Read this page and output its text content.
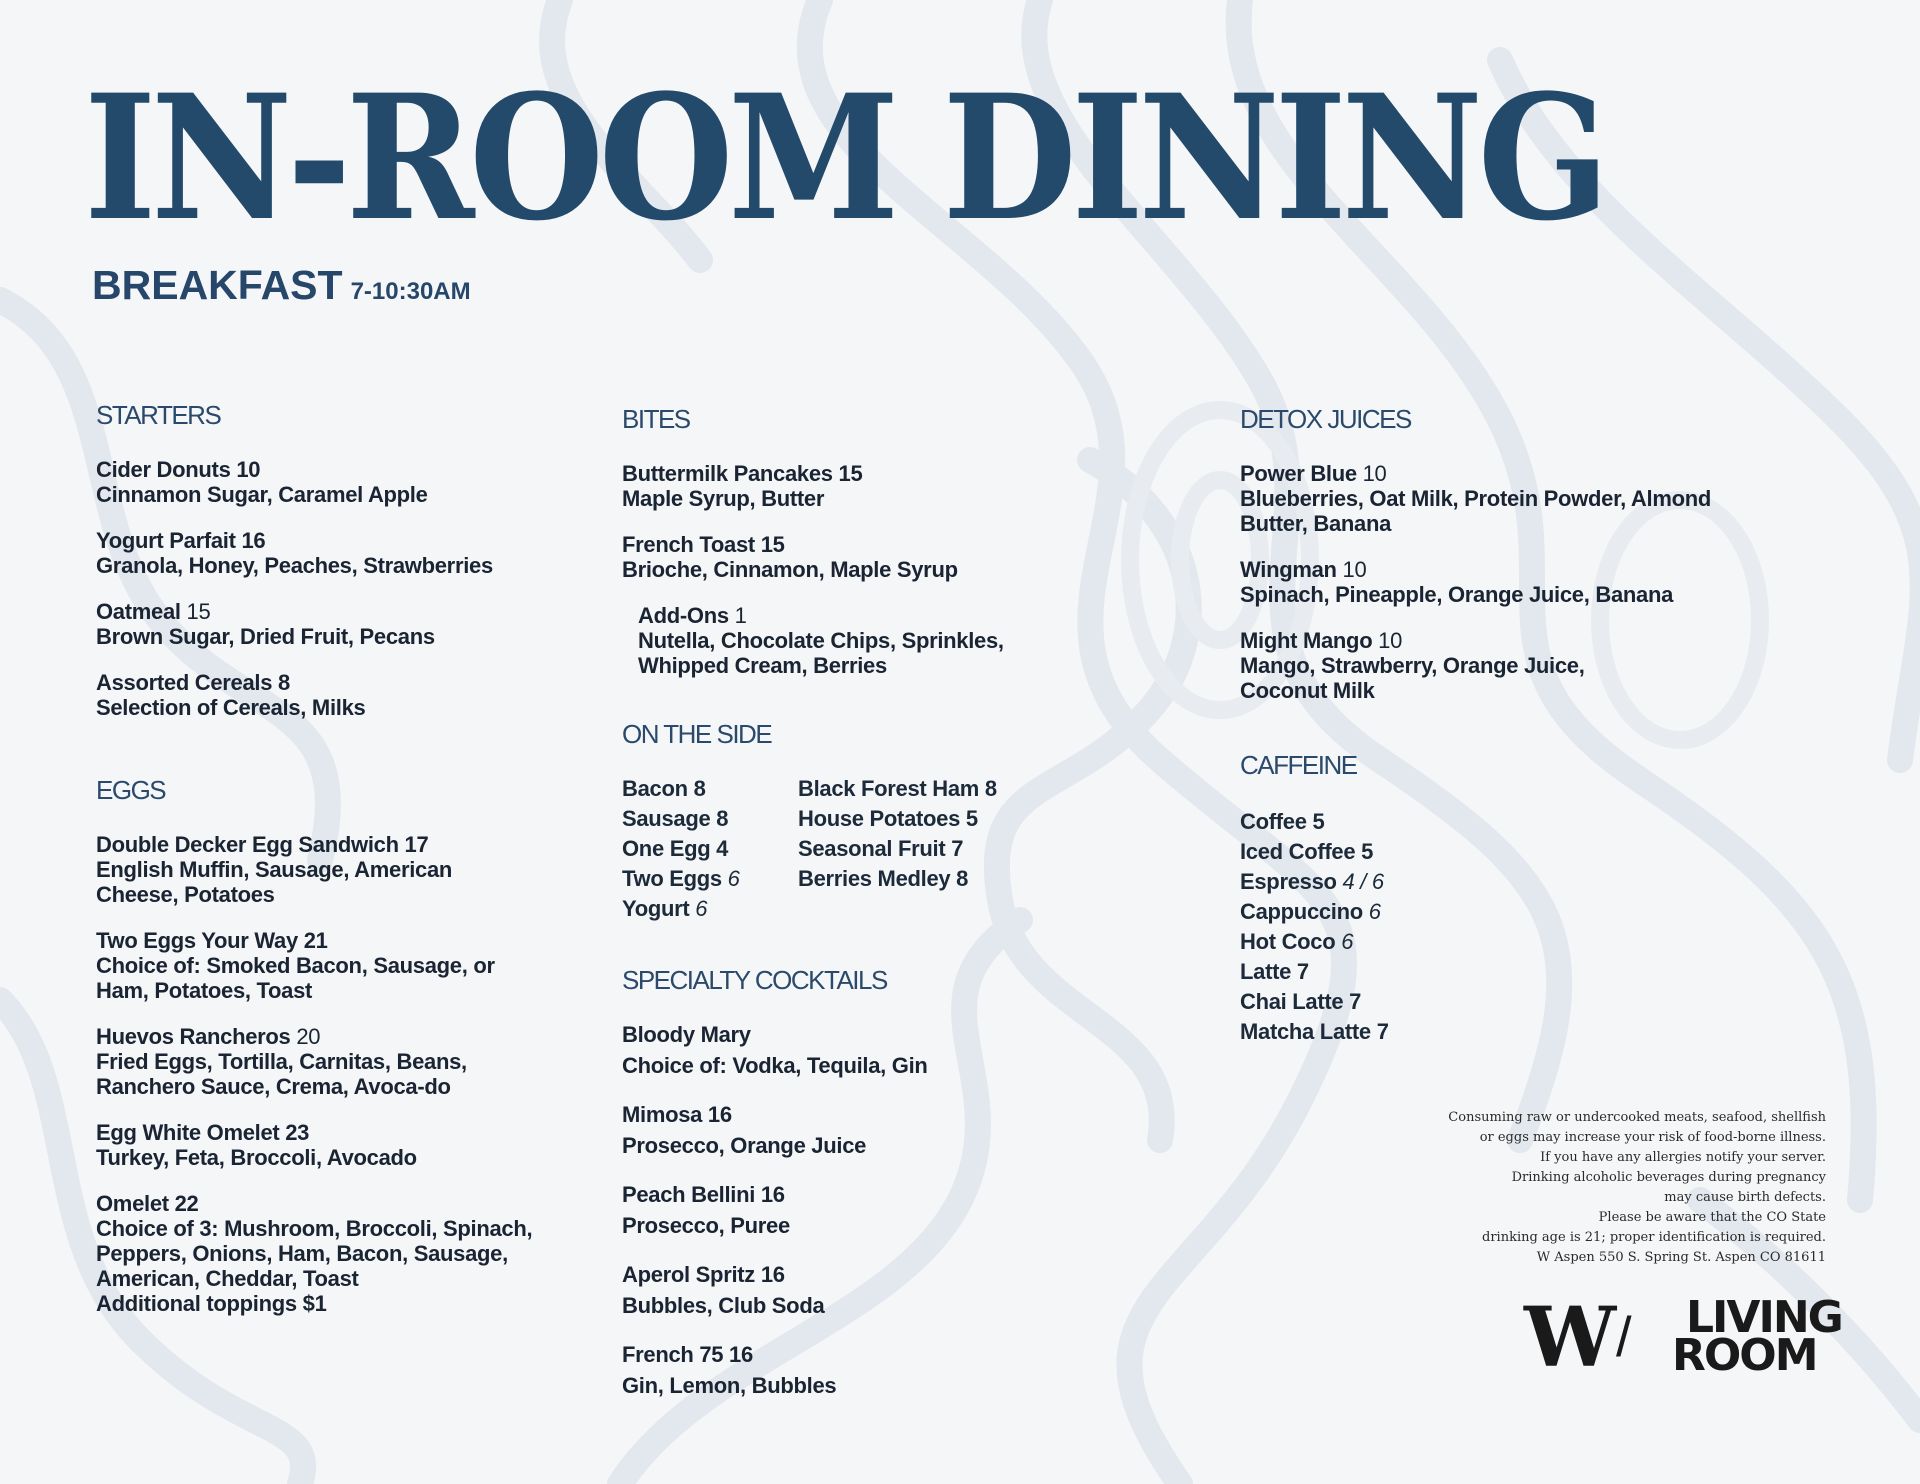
IN-ROOM DINING
BREAKFAST 7-10:30AM
STARTERS
Cider Donuts 10
Cinnamon Sugar, Caramel Apple
Yogurt Parfait 16
Granola, Honey, Peaches, Strawberries
Oatmeal 15
Brown Sugar, Dried Fruit, Pecans
Assorted Cereals 8
Selection of Cereals, Milks
EGGS
Double Decker Egg Sandwich 17
English Muffin, Sausage, American Cheese, Potatoes
Two Eggs Your Way 21
Choice of: Smoked Bacon, Sausage, or Ham, Potatoes, Toast
Huevos Rancheros 20
Fried Eggs, Tortilla, Carnitas, Beans, Ranchero Sauce, Crema, Avoca-do
Egg White Omelet 23
Turkey, Feta, Broccoli, Avocado
Omelet 22
Choice of 3: Mushroom, Broccoli, Spinach, Peppers, Onions, Ham, Bacon, Sausage, American, Cheddar, Toast
Additional toppings $1
BITES
Buttermilk Pancakes 15
Maple Syrup, Butter
French Toast 15
Brioche, Cinnamon, Maple Syrup
Add-Ons 1
Nutella, Chocolate Chips, Sprinkles, Whipped Cream, Berries
ON THE SIDE
Bacon 8	Black Forest Ham 8
Sausage 8	House Potatoes 5
One Egg 4	Seasonal Fruit 7
Two Eggs 6	Berries Medley 8
Yogurt 6
SPECIALTY COCKTAILS
Bloody Mary
Choice of: Vodka, Tequila, Gin
Mimosa 16
Prosecco, Orange Juice
Peach Bellini 16
Prosecco, Puree
Aperol Spritz 16
Bubbles, Club Soda
French 75 16
Gin, Lemon, Bubbles
DETOX JUICES
Power Blue 10
Blueberries, Oat Milk, Protein Powder, Almond Butter, Banana
Wingman 10
Spinach, Pineapple, Orange Juice, Banana
Might Mango 10
Mango, Strawberry, Orange Juice, Coconut Milk
CAFFEINE
Coffee 5
Iced Coffee 5
Espresso 4 / 6
Cappuccino 6
Hot Coco 6
Latte 7
Chai Latte 7
Matcha Latte 7
Consuming raw or undercooked meats, seafood, shellfish
or eggs may increase your risk of food-borne illness.
If you have any allergies notify your server.
Drinking alcoholic beverages during pregnancy
may cause birth defects.
Please be aware that the CO State
drinking age is 21; proper identification is required.
W Aspen 550 S. Spring St. Aspen CO 81611
W / LIVING
ROOM
